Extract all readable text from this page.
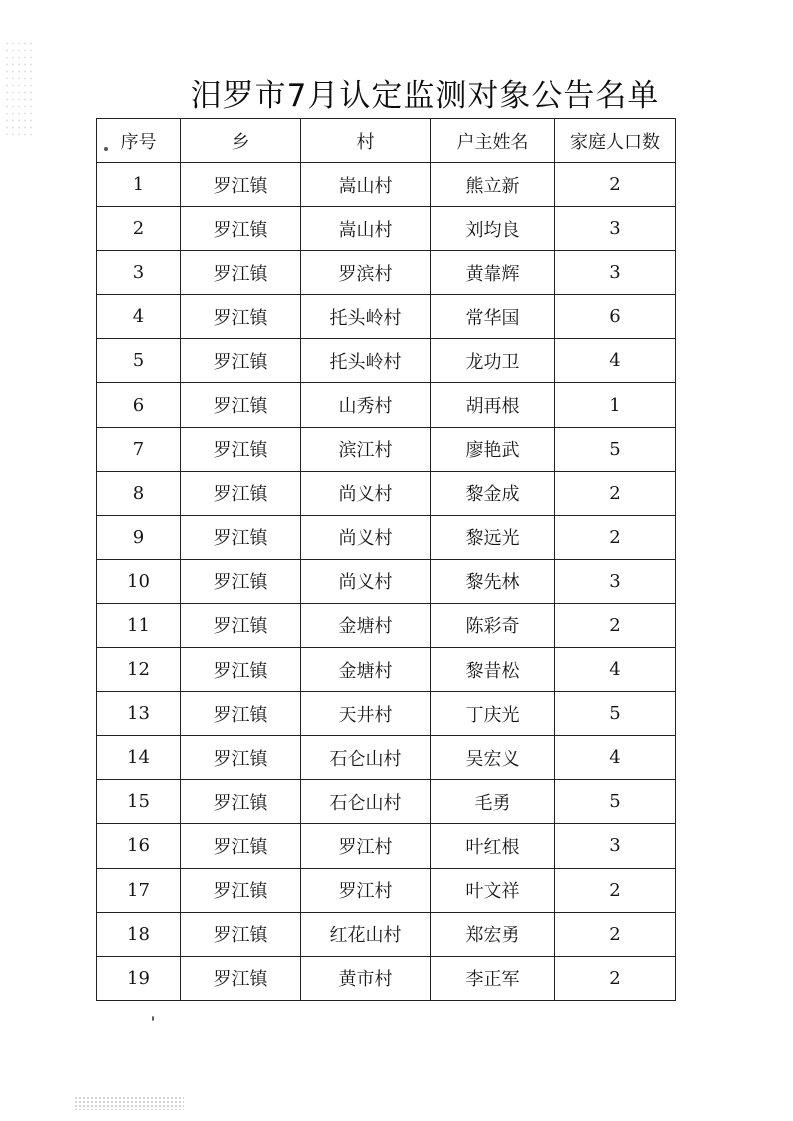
汨罗市7月认定监测对象公告名单
序号	乡	村	户主姓名	家庭人口数
1	罗江镇	嵩山村	熊立新	2
2	罗江镇	嵩山村	刘均良	3
3	罗江镇	罗滨村	黄靠辉	3
4	罗江镇	托头岭村	常华国	6
5	罗江镇	托头岭村	龙功卫	4
6	罗江镇	山秀村	胡再根	1
7	罗江镇	滨江村	廖艳武	5
8	罗江镇	尚义村	黎金成	2
9	罗江镇	尚义村	黎远光	2
10	罗江镇	尚义村	黎先林	3
11	罗江镇	金塘村	陈彩奇	2
12	罗江镇	金塘村	黎昔松	4
13	罗江镇	天井村	丁庆光	5
14	罗江镇	石仑山村	吴宏义	4
15	罗江镇	石仑山村	毛勇	5
16	罗江镇	罗江村	叶红根	3
17	罗江镇	罗江村	叶文祥	2
18	罗江镇	红花山村	郑宏勇	2
19	罗江镇	黄市村	李正军	2
